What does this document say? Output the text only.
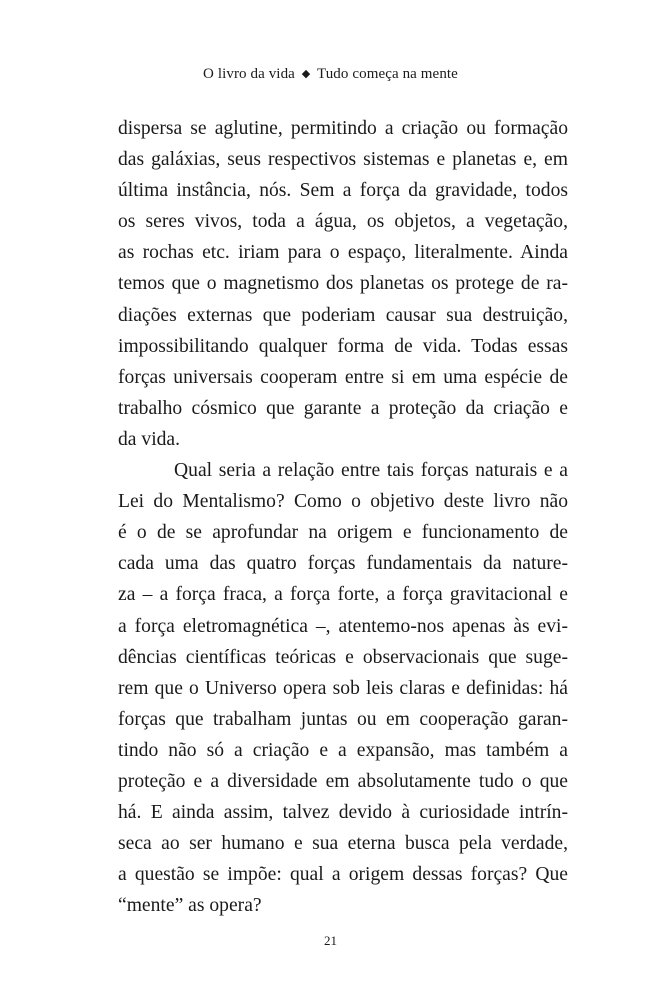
O livro da vida ◆ Tudo começa na mente
dispersa se aglutine, permitindo a criação ou formação
das galáxias, seus respectivos sistemas e planetas e, em
última instância, nós. Sem a força da gravidade, todos
os seres vivos, toda a água, os objetos, a vegetação,
as rochas etc. iriam para o espaço, literalmente. Ainda
temos que o magnetismo dos planetas os protege de ra-
diações externas que poderiam causar sua destruição,
impossibilitando qualquer forma de vida. Todas essas
forças universais cooperam entre si em uma espécie de
trabalho cósmico que garante a proteção da criação e
da vida.
Qual seria a relação entre tais forças naturais e a
Lei do Mentalismo? Como o objetivo deste livro não
é o de se aprofundar na origem e funcionamento de
cada uma das quatro forças fundamentais da nature-
za – a força fraca, a força forte, a força gravitacional e
a força eletromagnética –, atentemo-nos apenas às evi-
dências científicas teóricas e observacionais que suge-
rem que o Universo opera sob leis claras e definidas: há
forças que trabalham juntas ou em cooperação garan-
tindo não só a criação e a expansão, mas também a
proteção e a diversidade em absolutamente tudo o que
há. E ainda assim, talvez devido à curiosidade intrín-
seca ao ser humano e sua eterna busca pela verdade,
a questão se impõe: qual a origem dessas forças? Que
“mente” as opera?
21
